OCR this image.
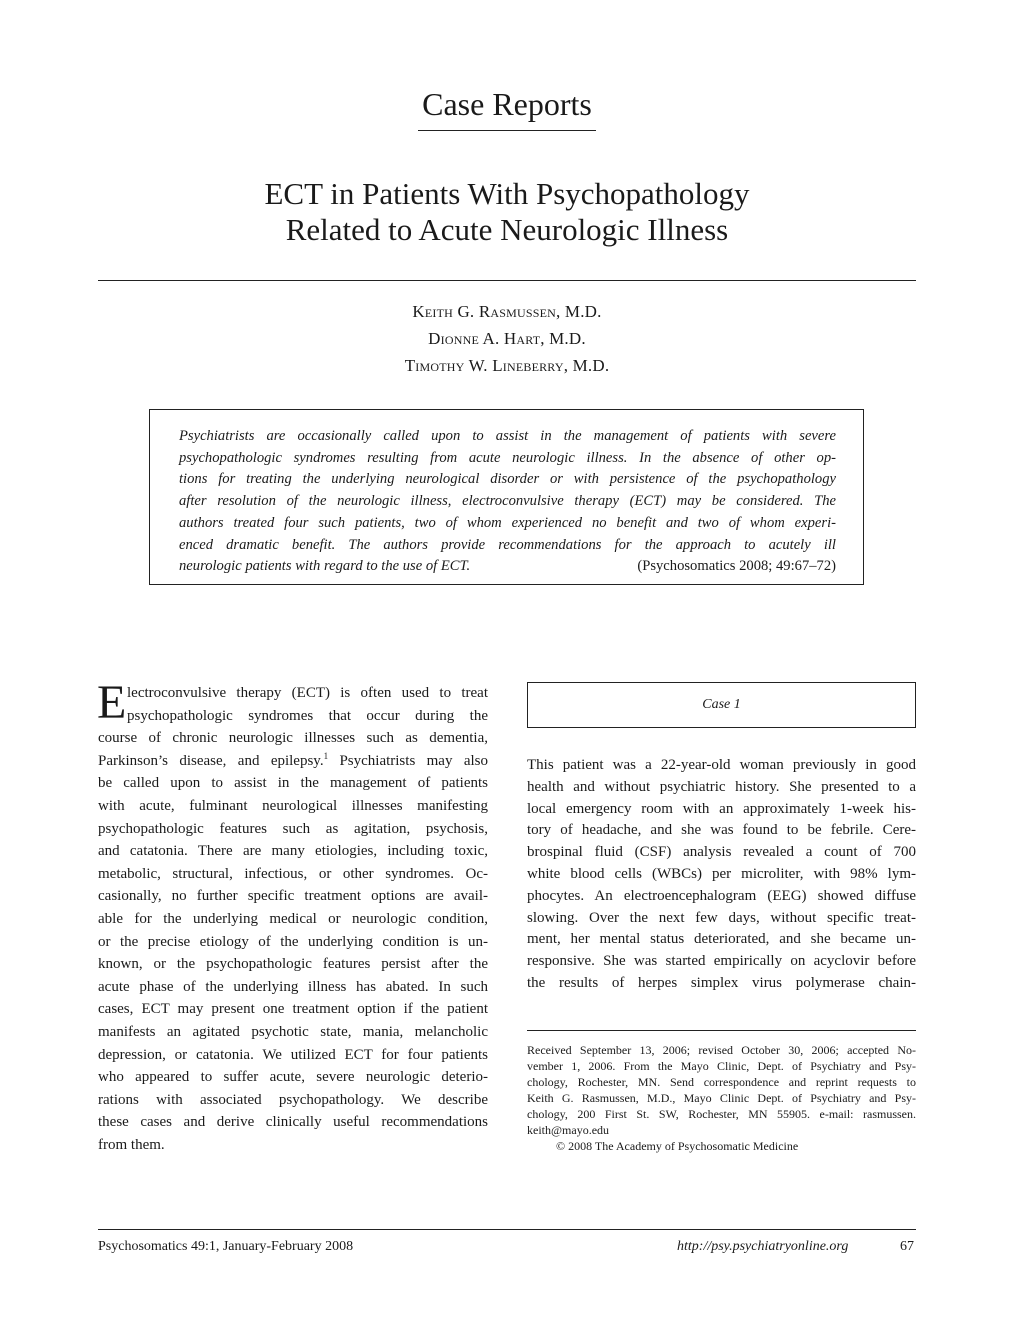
Case Reports
ECT in Patients With Psychopathology
Related to Acute Neurologic Illness
Keith G. Rasmussen, M.D.
Dionne A. Hart, M.D.
Timothy W. Lineberry, M.D.
Psychiatrists are occasionally called upon to assist in the management of patients with severe
psychopathologic syndromes resulting from acute neurologic illness. In the absence of other op-
tions for treating the underlying neurological disorder or with persistence of the psychopathology
after resolution of the neurologic illness, electroconvulsive therapy (ECT) may be considered. The
authors treated four such patients, two of whom experienced no benefit and two of whom experi-
enced dramatic benefit. The authors provide recommendations for the approach to acutely ill
neurologic patients with regard to the use of ECT.	(Psychosomatics 2008; 49:67–72)
E lectroconvulsive therapy (ECT) is often used to treat
psychopathologic syndromes that occur during the
course of chronic neurologic illnesses such as dementia,
Parkinson’s disease, and epilepsy.$^1$ Psychiatrists may also
be called upon to assist in the management of patients
with acute, fulminant neurological illnesses manifesting
psychopathologic features such as agitation, psychosis,
and catatonia. There are many etiologies, including toxic,
metabolic, structural, infectious, or other syndromes. Oc-
casionally, no further specific treatment options are avail-
able for the underlying medical or neurologic condition,
or the precise etiology of the underlying condition is un-
known, or the psychopathologic features persist after the
acute phase of the underlying illness has abated. In such
cases, ECT may present one treatment option if the patient
manifests an agitated psychotic state, mania, melancholic
depression, or catatonia. We utilized ECT for four patients
who appeared to suffer acute, severe neurologic deterio-
rations with associated psychopathology. We describe
these cases and derive clinically useful recommendations
from them.
Case 1
This patient was a 22-year-old woman previously in good
health and without psychiatric history. She presented to a
local emergency room with an approximately 1-week his-
tory of headache, and she was found to be febrile. Cere-
brospinal fluid (CSF) analysis revealed a count of 700
white blood cells (WBCs) per microliter, with 98% lym-
phocytes. An electroencephalogram (EEG) showed diffuse
slowing. Over the next few days, without specific treat-
ment, her mental status deteriorated, and she became un-
responsive. She was started empirically on acyclovir before
the results of herpes simplex virus polymerase chain-
Received September 13, 2006; revised October 30, 2006; accepted No-
vember 1, 2006. From the Mayo Clinic, Dept. of Psychiatry and Psy-
chology, Rochester, MN. Send correspondence and reprint requests to
Keith G. Rasmussen, M.D., Mayo Clinic Dept. of Psychiatry and Psy-
chology, 200 First St. SW, Rochester, MN 55905. e-mail: rasmussen.
keith@mayo.edu
© 2008 The Academy of Psychosomatic Medicine
Psychosomatics 49:1, January-February 2008	http://psy.psychiatryonline.org	67
